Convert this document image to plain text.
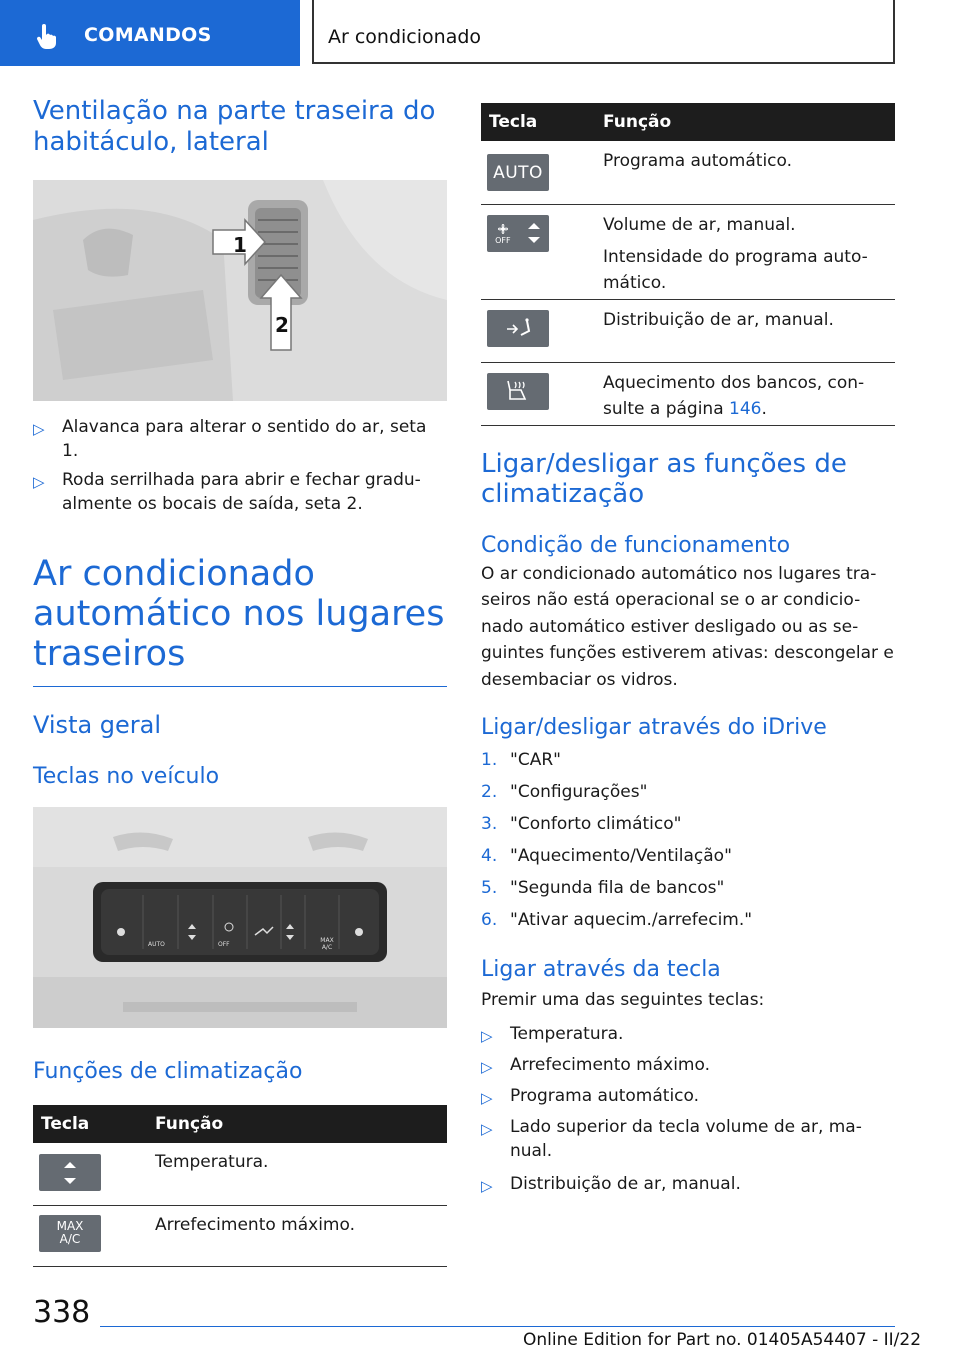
COMANDOS	Ar condicionado
Ventilação na parte traseira do habitáculo, lateral
1
2
▷ Alavanca para alterar o sentido do ar, seta 1.
▷ Roda serrilhada para abrir e fechar gradu-almente os bocais de saída, seta 2.
Ar condicionado automático nos lugares traseiros
Vista geral
Teclas no veículo
AUTO	OFF
MAX A/C
Funções de climatização
Tecla	Função

	Temperatura.

MAX
A/C	Arrefecimento máximo.
Tecla	Função

AUTO	Programa automático.

OFF	Volume de ar, manual.
Intensidade do programa auto-mático.

	Distribuição de ar, manual.

	Aquecimento dos bancos, con-sulte a página 146.
Ligar/desligar as funções de climatização
Condição de funcionamento

O ar condicionado automático nos lugares tra-seiros não está operacional se o ar condicio-nado automático estiver desligado ou as se-guintes funções estiverem ativas: descongelar e desembaciar os vidros.

Ligar/desligar através do iDrive
1. "CAR"
2. "Configurações"
3. "Conforto climático"
4. "Aquecimento/Ventilação"
5. "Segunda fila de bancos"
6. "Ativar aquecim./arrefecim."
Ligar através da tecla

Premir uma das seguintes teclas:

▷ Temperatura.
▷ Arrefecimento máximo.
▷ Programa automático.
▷ Lado superior da tecla volume de ar, ma-nual.
▷ Distribuição de ar, manual.
338
Online Edition for Part no. 01405A54407 - II/22
